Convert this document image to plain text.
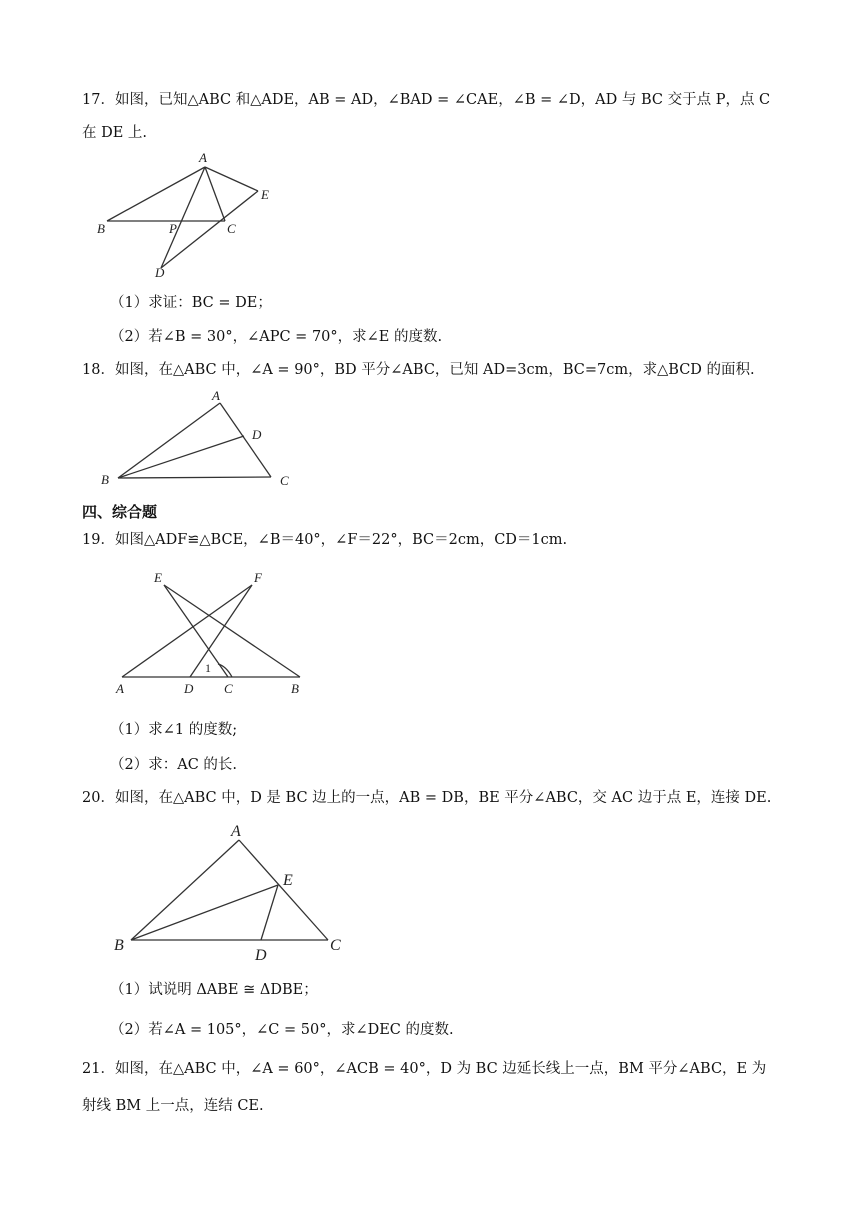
17．如图，已知△ABC 和△ADE，AB = AD，∠BAD = ∠CAE，∠B = ∠D，AD 与 BC 交于点 P，点 C
在 DE 上.
A
B	P	C
E
D
（1）求证：BC = DE；
（2）若∠B = 30°，∠APC = 70°，求∠E 的度数.
18．如图，在△ABC 中，∠A = 90°，BD 平分∠ABC，已知 AD=3cm，BC=7cm，求△BCD 的面积.
A
D
B	C
四、综合题
19．如图△ADF≌△BCE，∠B＝40°，∠F＝22°，BC＝2cm，CD＝1cm.
E	F
1
A	D C	B
（1）求∠1 的度数;
（2）求：AC 的长.
20．如图，在△ABC 中，D 是 BC 边上的一点，AB = DB，BE 平分∠ABC，交 AC 边于点 E，连接 DE.
A
E
B
D
C
（1）试说明 ΔABE ≅ ΔDBE；
（2）若∠A = 105°，∠C = 50°，求∠DEC 的度数.
21．如图，在△ABC 中，∠A = 60°，∠ACB = 40°，D 为 BC 边延长线上一点，BM 平分∠ABC，E 为
射线 BM 上一点，连结 CE.
